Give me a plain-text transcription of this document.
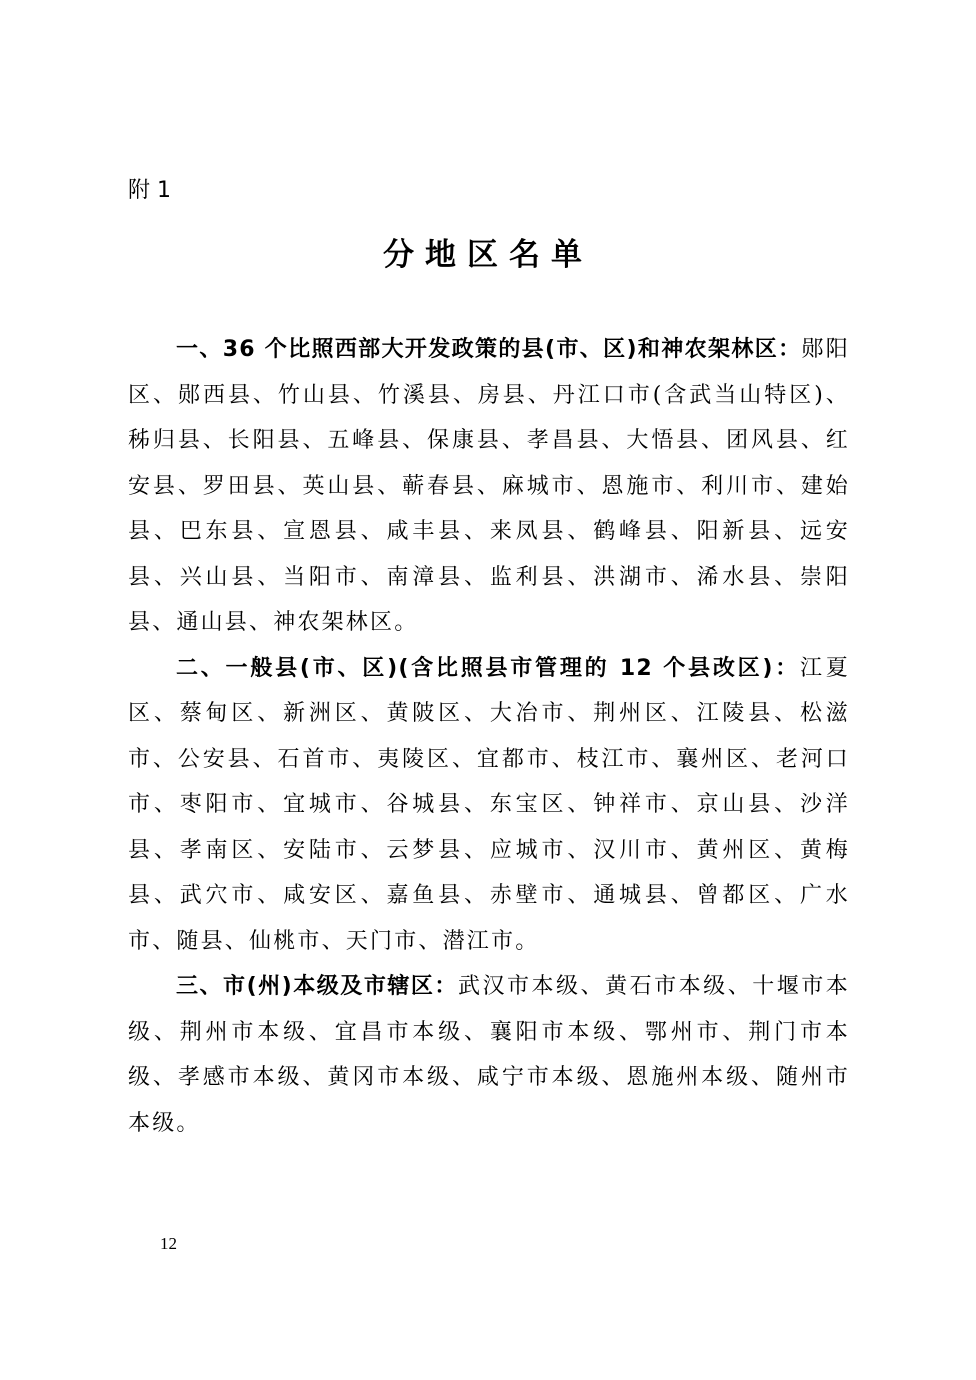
附 1
分地区名单

一、36 个比照西部大开发政策的县(市、区)和神农架林区：郧阳区、郧西县、竹山县、竹溪县、房县、丹江口市(含武当山特区)、秭归县、长阳县、五峰县、保康县、孝昌县、大悟县、团风县、红安县、罗田县、英山县、蕲春县、麻城市、恩施市、利川市、建始县、巴东县、宣恩县、咸丰县、来凤县、鹤峰县、阳新县、远安县、兴山县、当阳市、南漳县、监利县、洪湖市、浠水县、崇阳县、通山县、神农架林区。

二、一般县(市、区)(含比照县市管理的 12 个县改区)：江夏区、蔡甸区、新洲区、黄陂区、大冶市、荆州区、江陵县、松滋市、公安县、石首市、夷陵区、宜都市、枝江市、襄州区、老河口市、枣阳市、宜城市、谷城县、东宝区、钟祥市、京山县、沙洋县、孝南区、安陆市、云梦县、应城市、汉川市、黄州区、黄梅县、武穴市、咸安区、嘉鱼县、赤壁市、通城县、曾都区、广水市、随县、仙桃市、天门市、潜江市。

三、市(州)本级及市辖区：武汉市本级、黄石市本级、十堰市本级、荆州市本级、宜昌市本级、襄阳市本级、鄂州市、荆门市本级、孝感市本级、黄冈市本级、咸宁市本级、恩施州本级、随州市本级。

12
